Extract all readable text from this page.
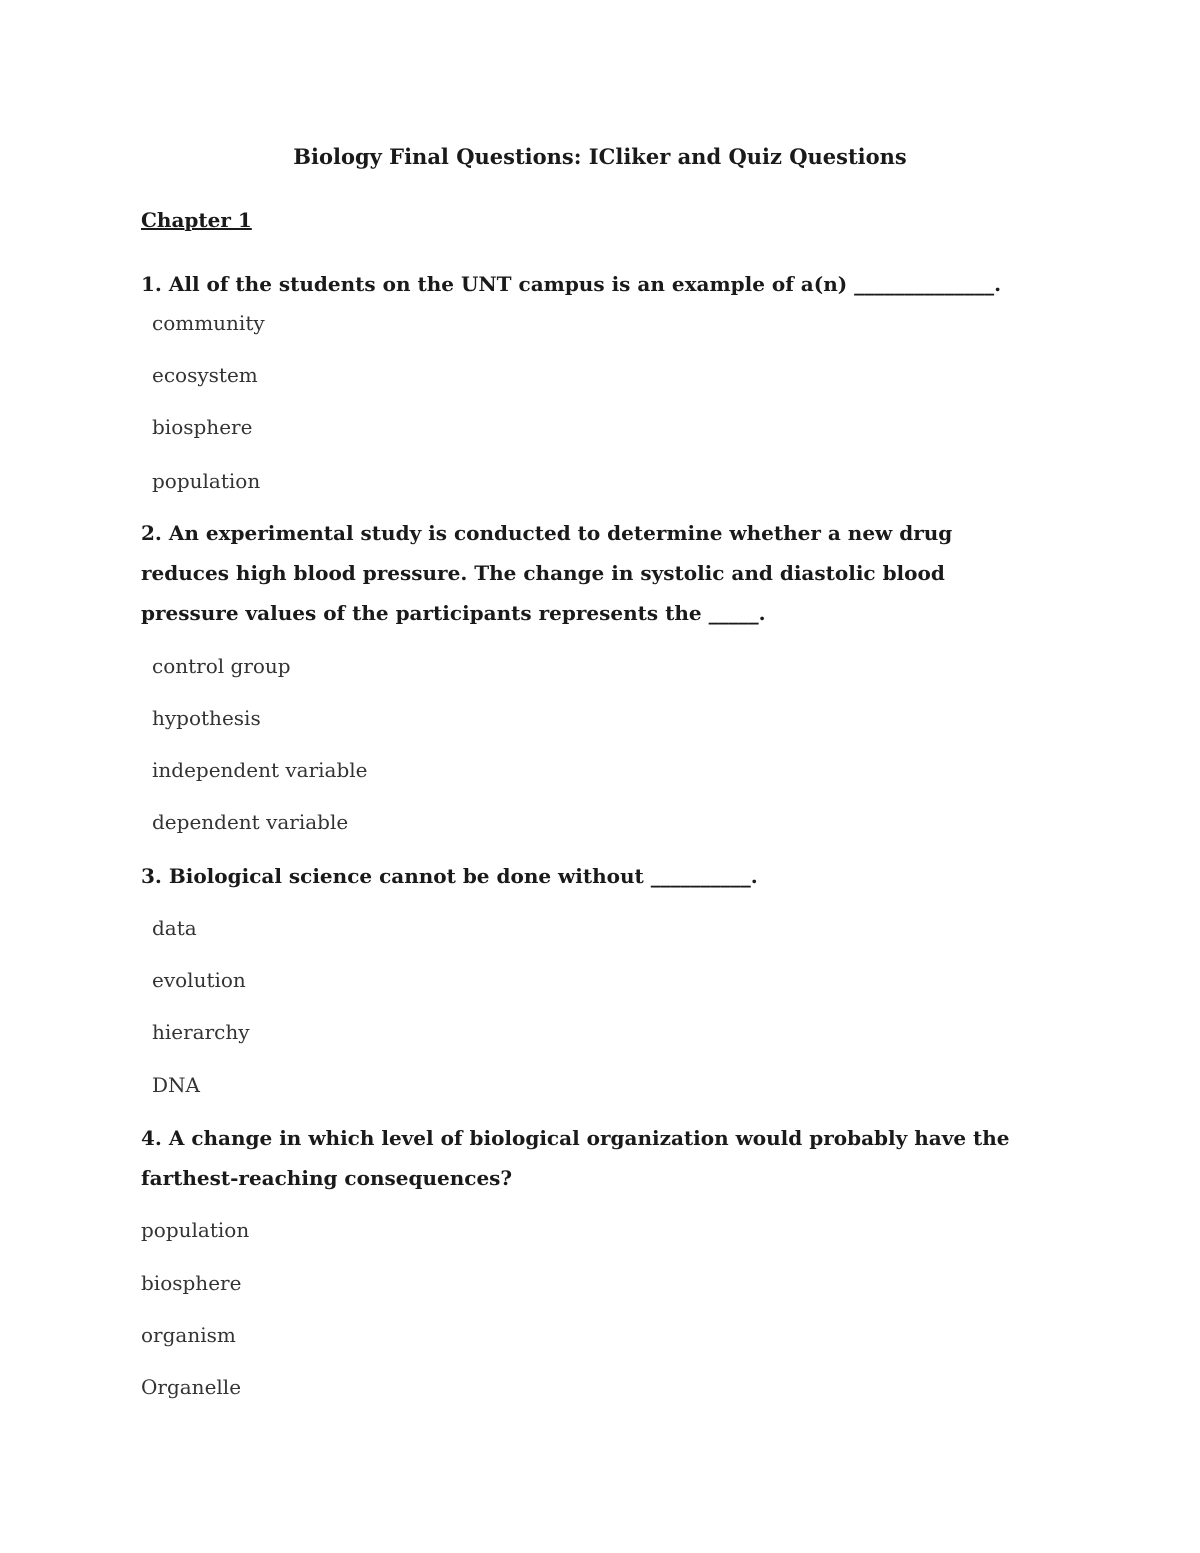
Biology Final Questions: ICliker and Quiz Questions
Chapter 1

1. All of the students on the UNT campus is an example of a(n) ______________.

community

ecosystem

biosphere

population

2. An experimental study is conducted to determine whether a new drug reduces high blood pressure. The change in systolic and diastolic blood pressure values of the participants represents the _____.

control group

hypothesis

independent variable

dependent variable

3. Biological science cannot be done without __________.

data

evolution

hierarchy

DNA

4. A change in which level of biological organization would probably have the farthest-reaching consequences?

population

biosphere

organism

Organelle
